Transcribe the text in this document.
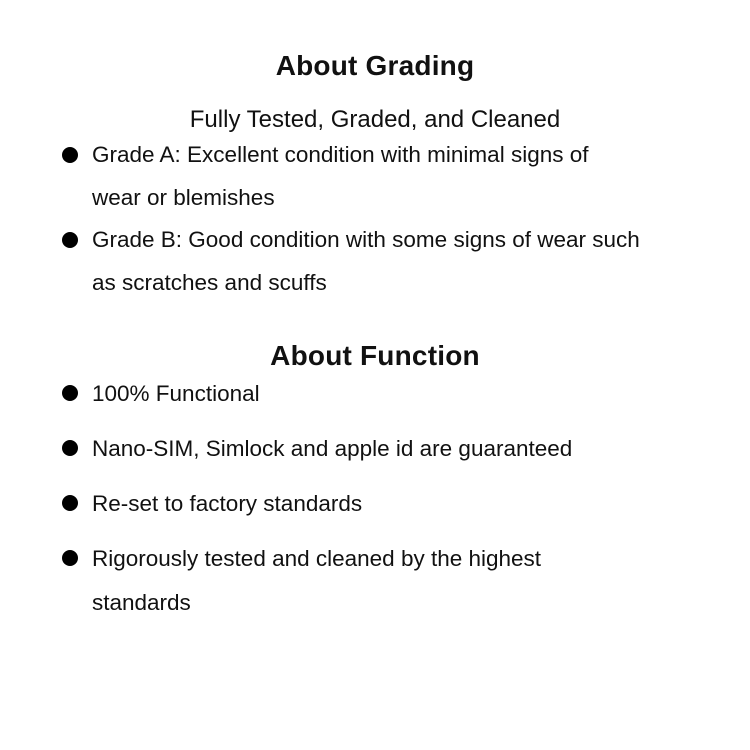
About Grading

Fully Tested, Graded, and Cleaned

Grade A: Excellent condition with minimal signs of wear or blemishes
Grade B: Good condition with some signs of wear such as scratches and scuffs
About Function
100% Functional
Nano-SIM, Simlock and apple id are guaranteed
Re-set to factory standards
Rigorously tested and cleaned by the highest standards
